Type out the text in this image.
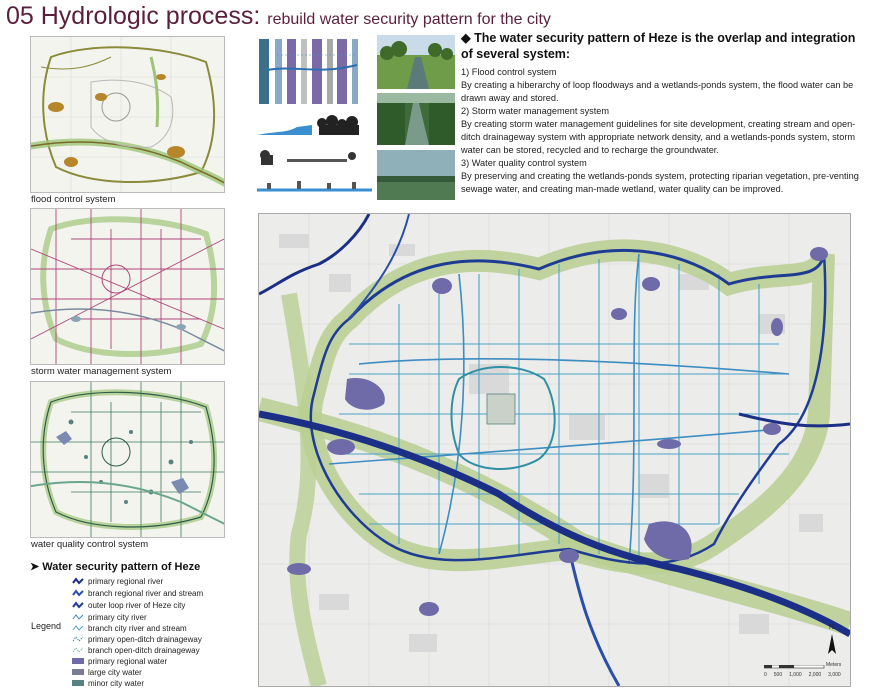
05 Hydrologic process: rebuild water security pattern for the city
flood control system
storm water management system
water quality control system
◆ The water security pattern of Heze is the overlap and integration of several system:

1) Flood control system

By creating a hiberarchy of loop floodways and a wetlands-ponds system, the flood water can be drawn away and stored.

2) Storm water management system

By creating storm water management guidelines for site development, creating stream and open-ditch drainageway system with appropriate network density, and a wetlands-ponds system, storm water can be stored, recycled and to recharge the groundwater.

3) Water quality control system

By preserving and creating the wetlands-ponds system, protecting riparian vegetation, pre-venting sewage water, and creating man-made wetland, water quality can be improved.

➤ Water security pattern of Heze
Legend
primary regional river
branch regional river and stream
outer loop river of Heze city
primary city river
branch city river and stream
primary open-ditch drainageway
branch open-ditch drainageway
primary regional water
large city water
minor city water
0 500 1,000 2,000 3,000
Meters
N
